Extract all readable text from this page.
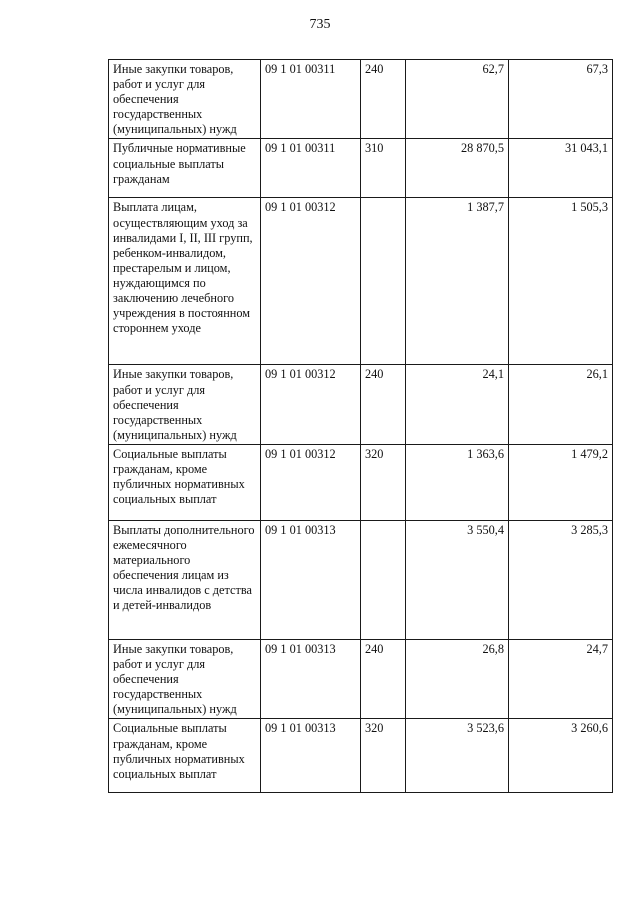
735
Иные закупки товаров, работ и услуг для обеспечения государственных (муниципальных) нужд	09 1 01 00311	240	62,7	67,3
Публичные нормативные социальные выплаты гражданам	09 1 01 00311	310	28 870,5	31 043,1
Выплата лицам, осуществляющим уход за инвалидами I, II, III групп, ребенком-инвалидом, престарелым и лицом, нуждающимся по заключению лечебного учреждения в постоянном стороннем уходе	09 1 01 00312		1 387,7	1 505,3
Иные закупки товаров, работ и услуг для обеспечения государственных (муниципальных) нужд	09 1 01 00312	240	24,1	26,1
Социальные выплаты гражданам, кроме публичных нормативных социальных выплат	09 1 01 00312	320	1 363,6	1 479,2
Выплаты дополнительного ежемесячного материального обеспечения лицам из числа инвалидов с детства и детей-инвалидов	09 1 01 00313		3 550,4	3 285,3
Иные закупки товаров, работ и услуг для обеспечения государственных (муниципальных) нужд	09 1 01 00313	240	26,8	24,7
Социальные выплаты гражданам, кроме публичных нормативных социальных выплат	09 1 01 00313	320	3 523,6	3 260,6
